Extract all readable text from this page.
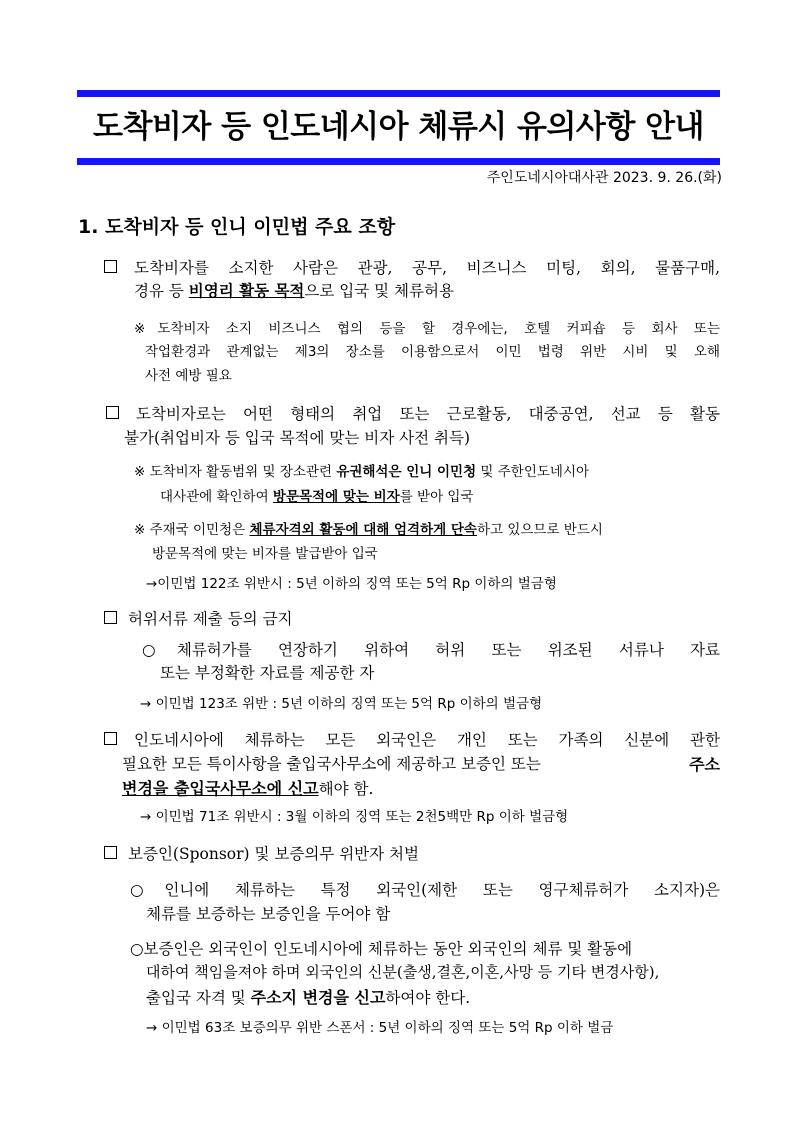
도착비자 등 인도네시아 체류시 유의사항 안내
주인도네시아대사관 2023. 9. 26.(화)
1. 도착비자 등 인니 이민법 주요 조항
도착비자를 소지한 사람은 관광, 공무, 비즈니스 미팅, 회의, 물품구매,
경유 등 비영리 활동 목적으로 입국 및 체류허용
※도착비자 소지 비즈니스 협의 등을 할 경우에는, 호텔 커피숍 등 회사 또는
작업환경과 관계없는 제3의 장소를 이용함으로서 이민 법령 위반 시비 및 오해
사전 예방 필요
도착비자로는 어떤 형태의 취업 또는 근로활동, 대중공연, 선교 등 활동
불가(취업비자 등 입국 목적에 맞는 비자 사전 취득)
※ 도착비자 활동범위 및 장소관련 유권해석은 인니 이민청 및 주한인도네시아
대사관에 확인하여 방문목적에 맞는 비자를 받아 입국
※ 주재국 이민청은 체류자격외 활동에 대해 엄격하게 단속하고 있으므로 반드시
방문목적에 맞는 비자를 발급받아 입국
→이민법 122조 위반시 : 5년 이하의 징역 또는 5억 Rp 이하의 벌금형
허위서류 제출 등의 금지
○체류허가를 연장하기 위하여 허위 또는 위조된 서류나 자료
또는 부정확한 자료를 제공한 자
→ 이민법 123조 위반 : 5년 이하의 징역 또는 5억 Rp 이하의 벌금형
인도네시아에 체류하는 모든 외국인은 개인 또는 가족의 신분에 관한
필요한 모든 특이사항을 출입국사무소에 제공하고 보증인 또는	주소
변경을 출입국사무소에 신고해야 함.
→ 이민법 71조 위반시 : 3월 이하의 징역 또는 2천5백만 Rp 이하 벌금형
보증인(Sponsor) 및 보증의무 위반자 처벌
○인니에 체류하는 특정 외국인(제한 또는 영구체류허가 소지자)은
체류를 보증하는 보증인을 두어야 함
○보증인은 외국인이 인도네시아에 체류하는 동안 외국인의 체류 및 활동에
대하여 책임을져야 하며 외국인의 신분(출생,결혼,이혼,사망 등 기타 변경사항),
출입국 자격 및 주소지 변경을 신고하여야 한다.
→ 이민법 63조 보증의무 위반 스폰서 : 5년 이하의 징역 또는 5억 Rp 이하 벌금
